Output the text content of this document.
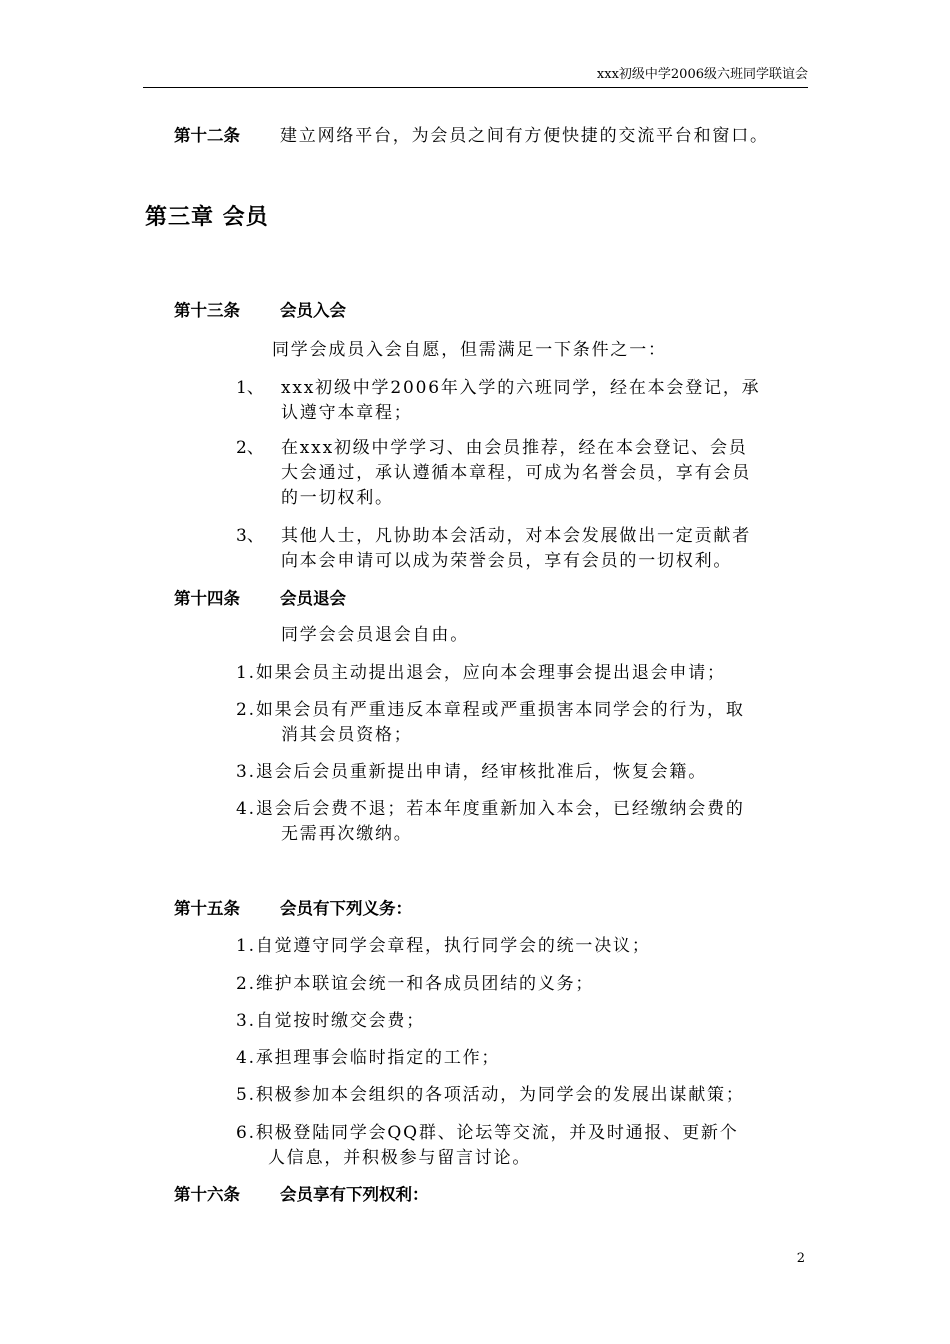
xxx初级中学2006级六班同学联谊会
第十二条 建立网络平台，为会员之间有方便快捷的交流平台和窗口。
第三章 会员
第十三条 会员入会
同学会成员入会自愿，但需满足一下条件之一：
1、 xxx初级中学2006年入学的六班同学，经在本会登记，承
认遵守本章程；
2、 在xxx初级中学学习、由会员推荐，经在本会登记、会员
大会通过，承认遵循本章程，可成为名誉会员，享有会员
的一切权利。
3、 其他人士，凡协助本会活动，对本会发展做出一定贡献者
向本会申请可以成为荣誉会员，享有会员的一切权利。
第十四条 会员退会
同学会会员退会自由。
1.如果会员主动提出退会，应向本会理事会提出退会申请；
2.如果会员有严重违反本章程或严重损害本同学会的行为，取
消其会员资格；
3.退会后会员重新提出申请，经审核批准后，恢复会籍。
4.退会后会费不退；若本年度重新加入本会，已经缴纳会费的
无需再次缴纳。
第十五条 会员有下列义务：
1.自觉遵守同学会章程，执行同学会的统一决议；
2.维护本联谊会统一和各成员团结的义务；
3.自觉按时缴交会费；
4.承担理事会临时指定的工作；
5.积极参加本会组织的各项活动，为同学会的发展出谋献策；
6.积极登陆同学会QQ群、论坛等交流，并及时通报、更新个
人信息，并积极参与留言讨论。
第十六条 会员享有下列权利：
2
